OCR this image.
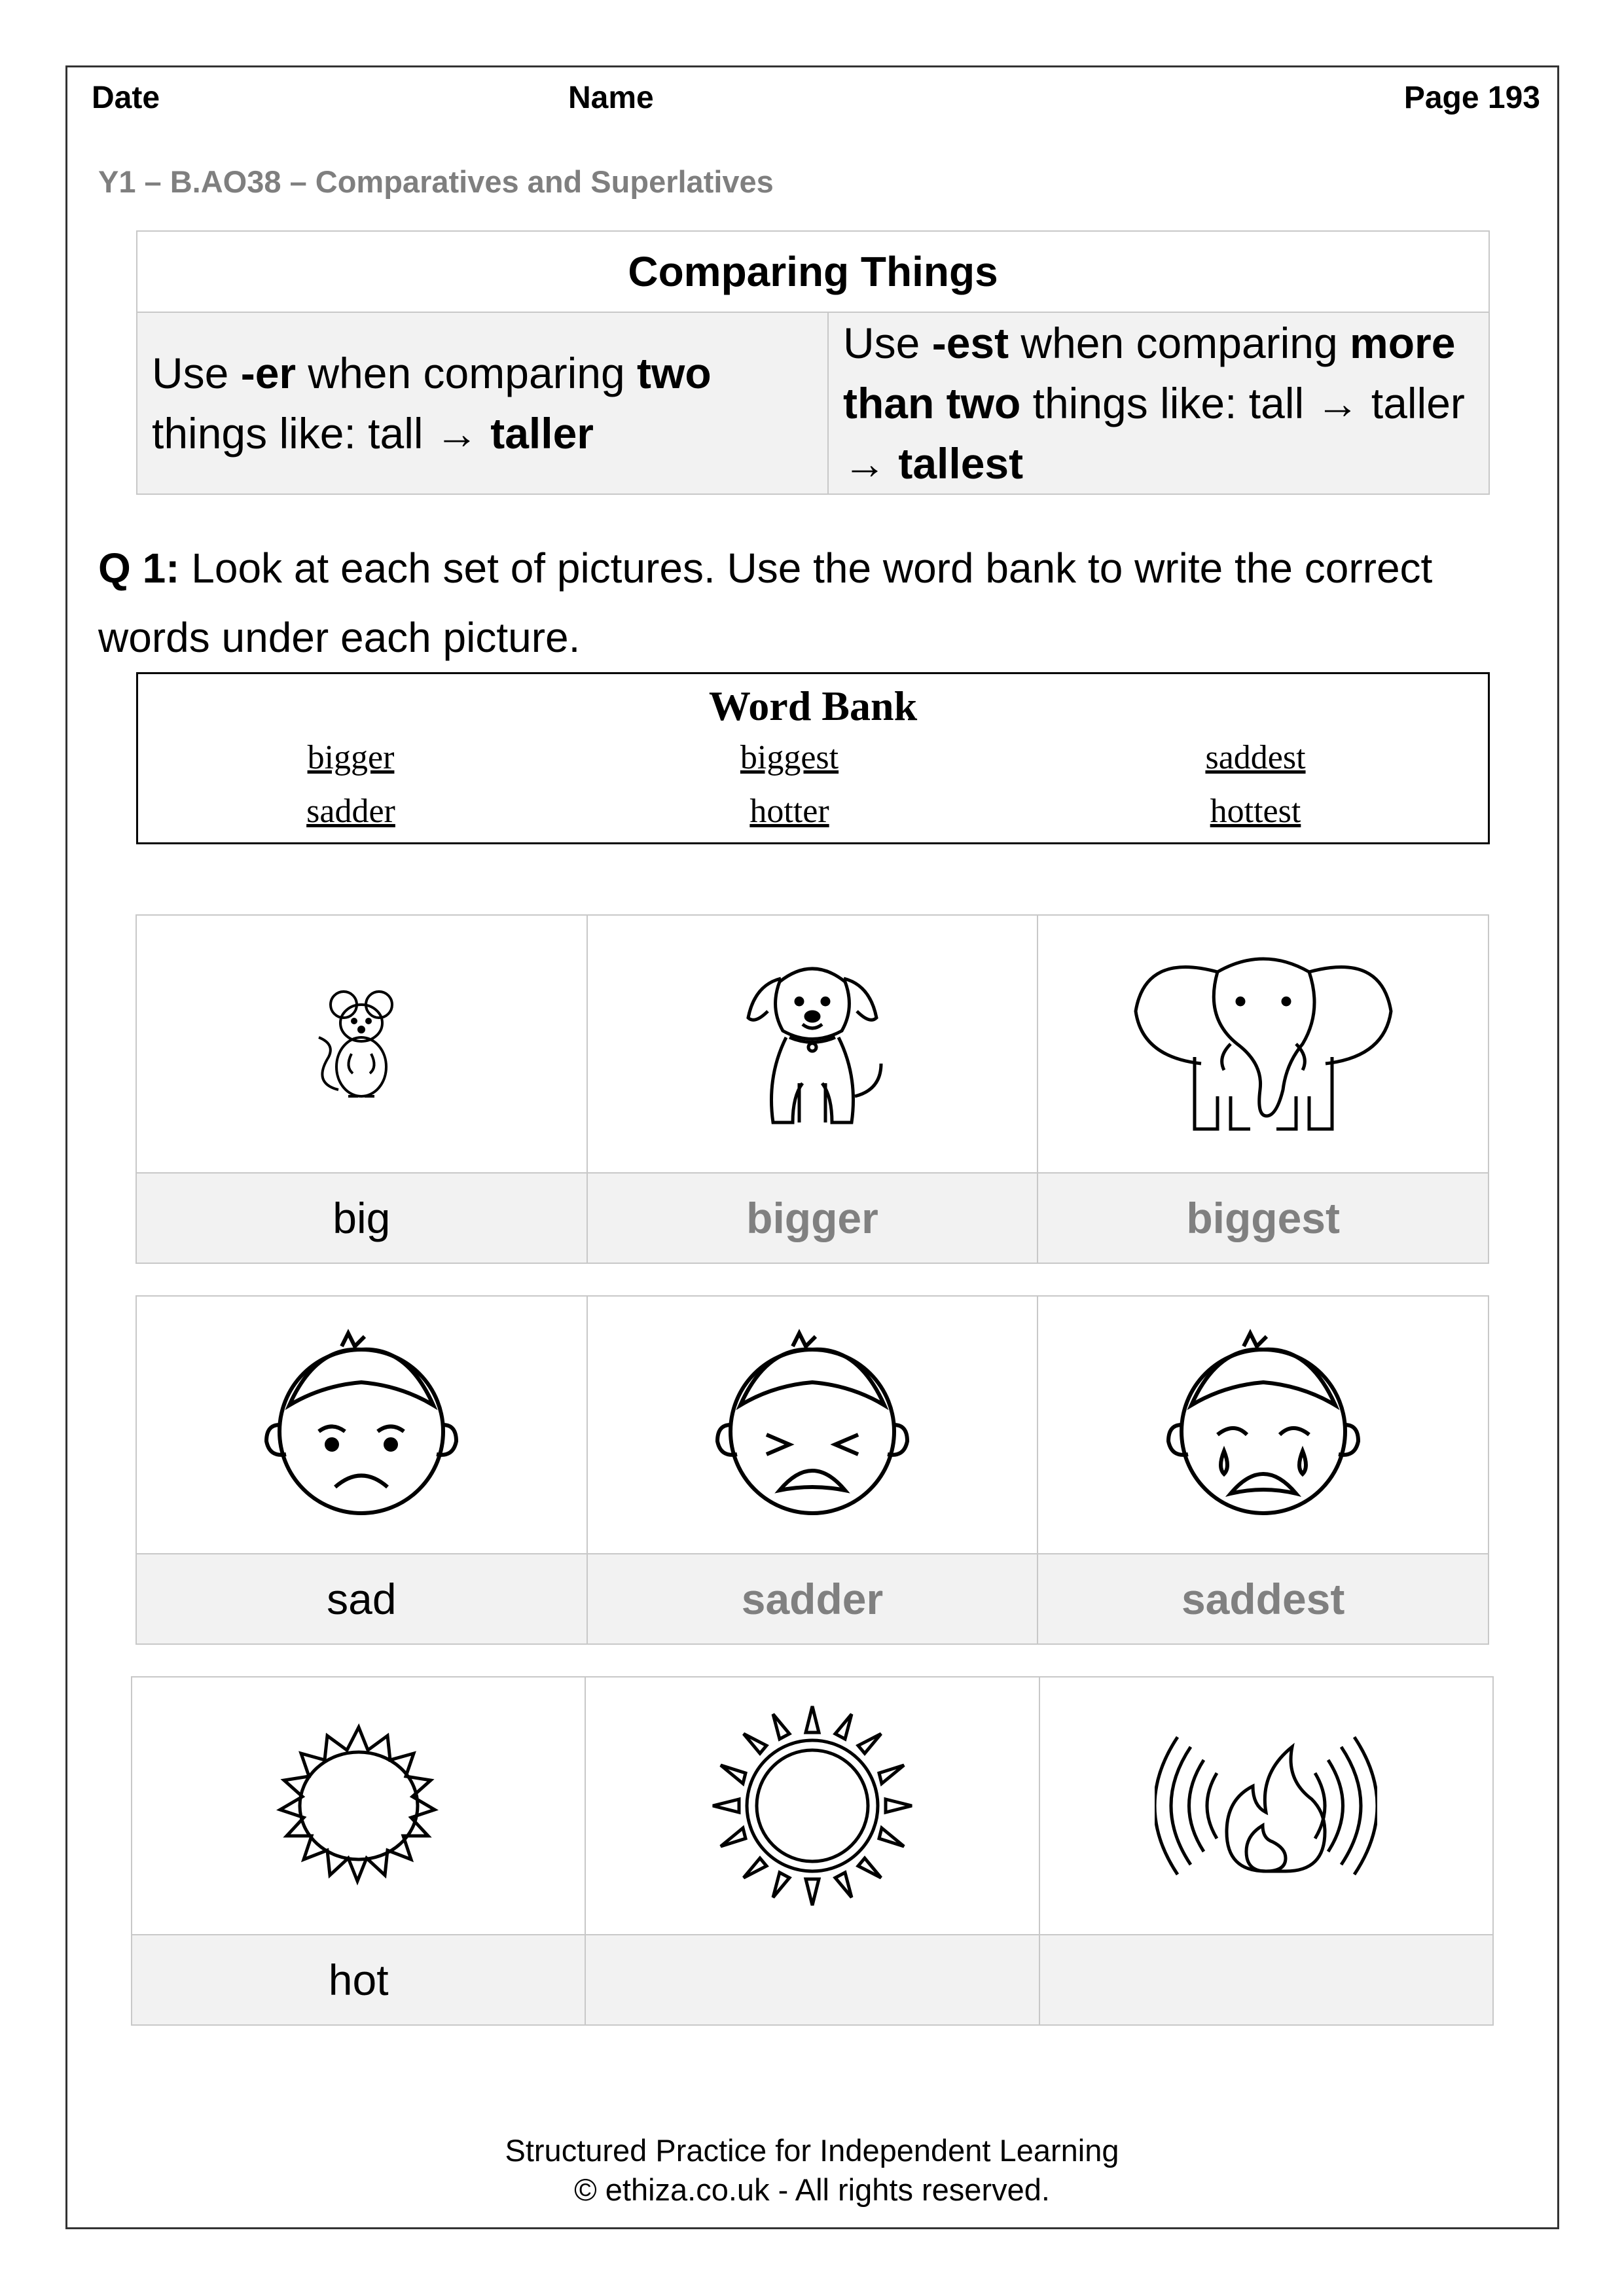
Date	Name	Page 193
Y1 – B.AO38 – Comparatives and Superlatives
Comparing Things
Use -er when comparing two things like: tall → taller	Use -est when comparing more than two things like: tall → taller → tallest
Q 1: Look at each set of pictures. Use the word bank to write the correct words under each picture.
Word Bank
bigger	biggest	saddest
sadder	hotter	hottest

big	bigger	biggest

sad	sadder	saddest

hot		
Structured Practice for Independent Learning
© ethiza.co.uk - All rights reserved.
